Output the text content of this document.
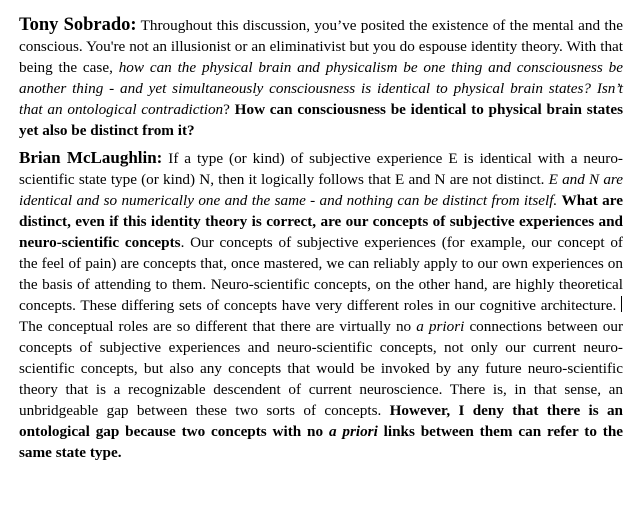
Tony Sobrado: Throughout this discussion, you’ve posited the existence of the mental and the conscious. You're not an illusionist or an eliminativist but you do espouse identity theory. With that being the case, how can the physical brain and physicalism be one thing and consciousness be another thing - and yet simultaneously consciousness is identical to physical brain states? Isn’t that an ontological contradiction? How can consciousness be identical to physical brain states yet also be distinct from it?

Brian McLaughlin: If a type (or kind) of subjective experience E is identical with a neuro-scientific state type (or kind) N, then it logically follows that E and N are not distinct. E and N are identical and so numerically one and the same - and nothing can be distinct from itself. What are distinct, even if this identity theory is correct, are our concepts of subjective experiences and neuro-scientific concepts. Our concepts of subjective experiences (for example, our concept of the feel of pain) are concepts that, once mastered, we can reliably apply to our own experiences on the basis of attending to them. Neuro-scientific concepts, on the other hand, are highly theoretical concepts. These differing sets of concepts have very different roles in our cognitive architecture. The conceptual roles are so different that there are virtually no a priori connections between our concepts of subjective experiences and neuro-scientific concepts, not only our current neuro-scientific concepts, but also any concepts that would be invoked by any future neuro-scientific theory that is a recognizable descendent of current neuroscience. There is, in that sense, an unbridgeable gap between these two sorts of concepts. However, I deny that there is an ontological gap because two concepts with no a priori links between them can refer to the same state type.
